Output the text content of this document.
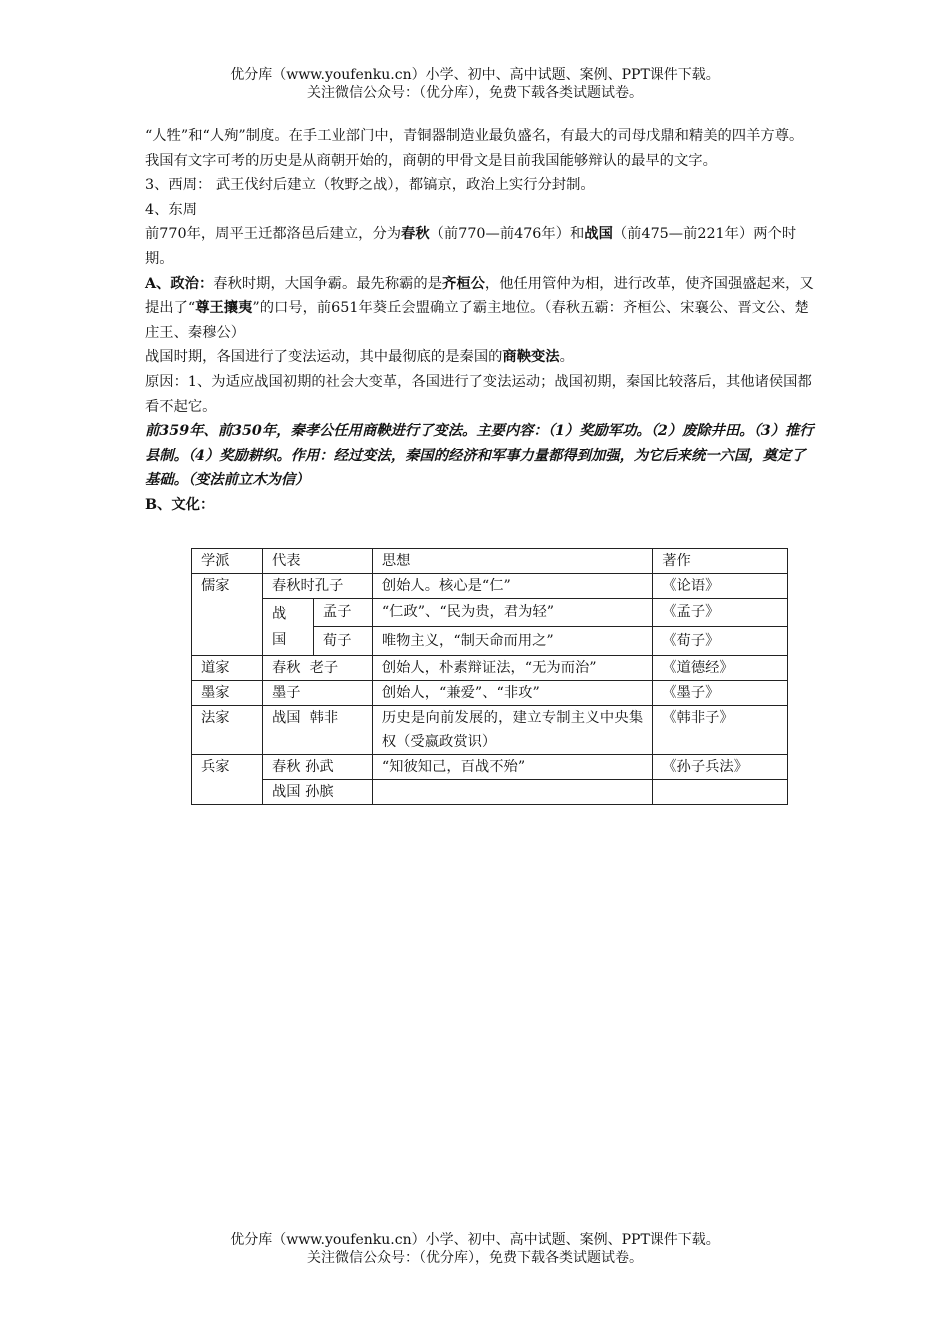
优分库（www.youfenku.cn）小学、初中、高中试题、案例、PPT课件下载。
关注微信公众号：（优分库），免费下载各类试题试卷。

“人牲”和“人殉”制度。在手工业部门中，青铜器制造业最负盛名，有最大的司母戊鼎和精美的四羊方尊。我国有文字可考的历史是从商朝开始的，商朝的甲骨文是目前我国能够辩认的最早的文字。

3、西周： 武王伐纣后建立（牧野之战），都镐京，政治上实行分封制。

4、东周

前770年，周平王迁都洛邑后建立，分为春秋（前770—前476年）和战国（前475—前221年）两个时期。

A、政治：春秋时期，大国争霸。最先称霸的是齐桓公，他任用管仲为相，进行改革，使齐国强盛起来，又提出了“尊王攘夷”的口号，前651年葵丘会盟确立了霸主地位。（春秋五霸：齐桓公、宋襄公、晋文公、楚庄王、秦穆公）

战国时期，各国进行了变法运动，其中最彻底的是秦国的商鞅变法。

原因：1、为适应战国初期的社会大变革，各国进行了变法运动；战国初期，秦国比较落后，其他诸侯国都看不起它。

前359年、前350年，秦孝公任用商鞅进行了变法。主要内容：（1）奖励军功。（2）废除井田。（3）推行县制。（4）奖励耕织。作用：经过变法，秦国的经济和军事力量都得到加强，为它后来统一六国，奠定了基础。（变法前立木为信）

B、文化：

学派	代表		思想	著作

儒家	春秋时孔子		创始人。核心是“仁”	《论语》

	战国	孟子	“仁政”、“民为贵，君为轻”	《孟子》
		荀子	唯物主义，“制天命而用之”	《荀子》
道家	春秋  老子		创始人，朴素辩证法，“无为而治”	《道德经》
墨家	墨子		创始人，“兼爱”、“非攻”	《墨子》
法家	战国  韩非		历史是向前发展的，建立专制主义中央集权（受嬴政赏识）	《韩非子》
兵家	春秋 孙武		“知彼知己，百战不殆”	《孙子兵法》
	战国 孙膑			
优分库（www.youfenku.cn）小学、初中、高中试题、案例、PPT课件下载。
关注微信公众号：（优分库），免费下载各类试题试卷。
